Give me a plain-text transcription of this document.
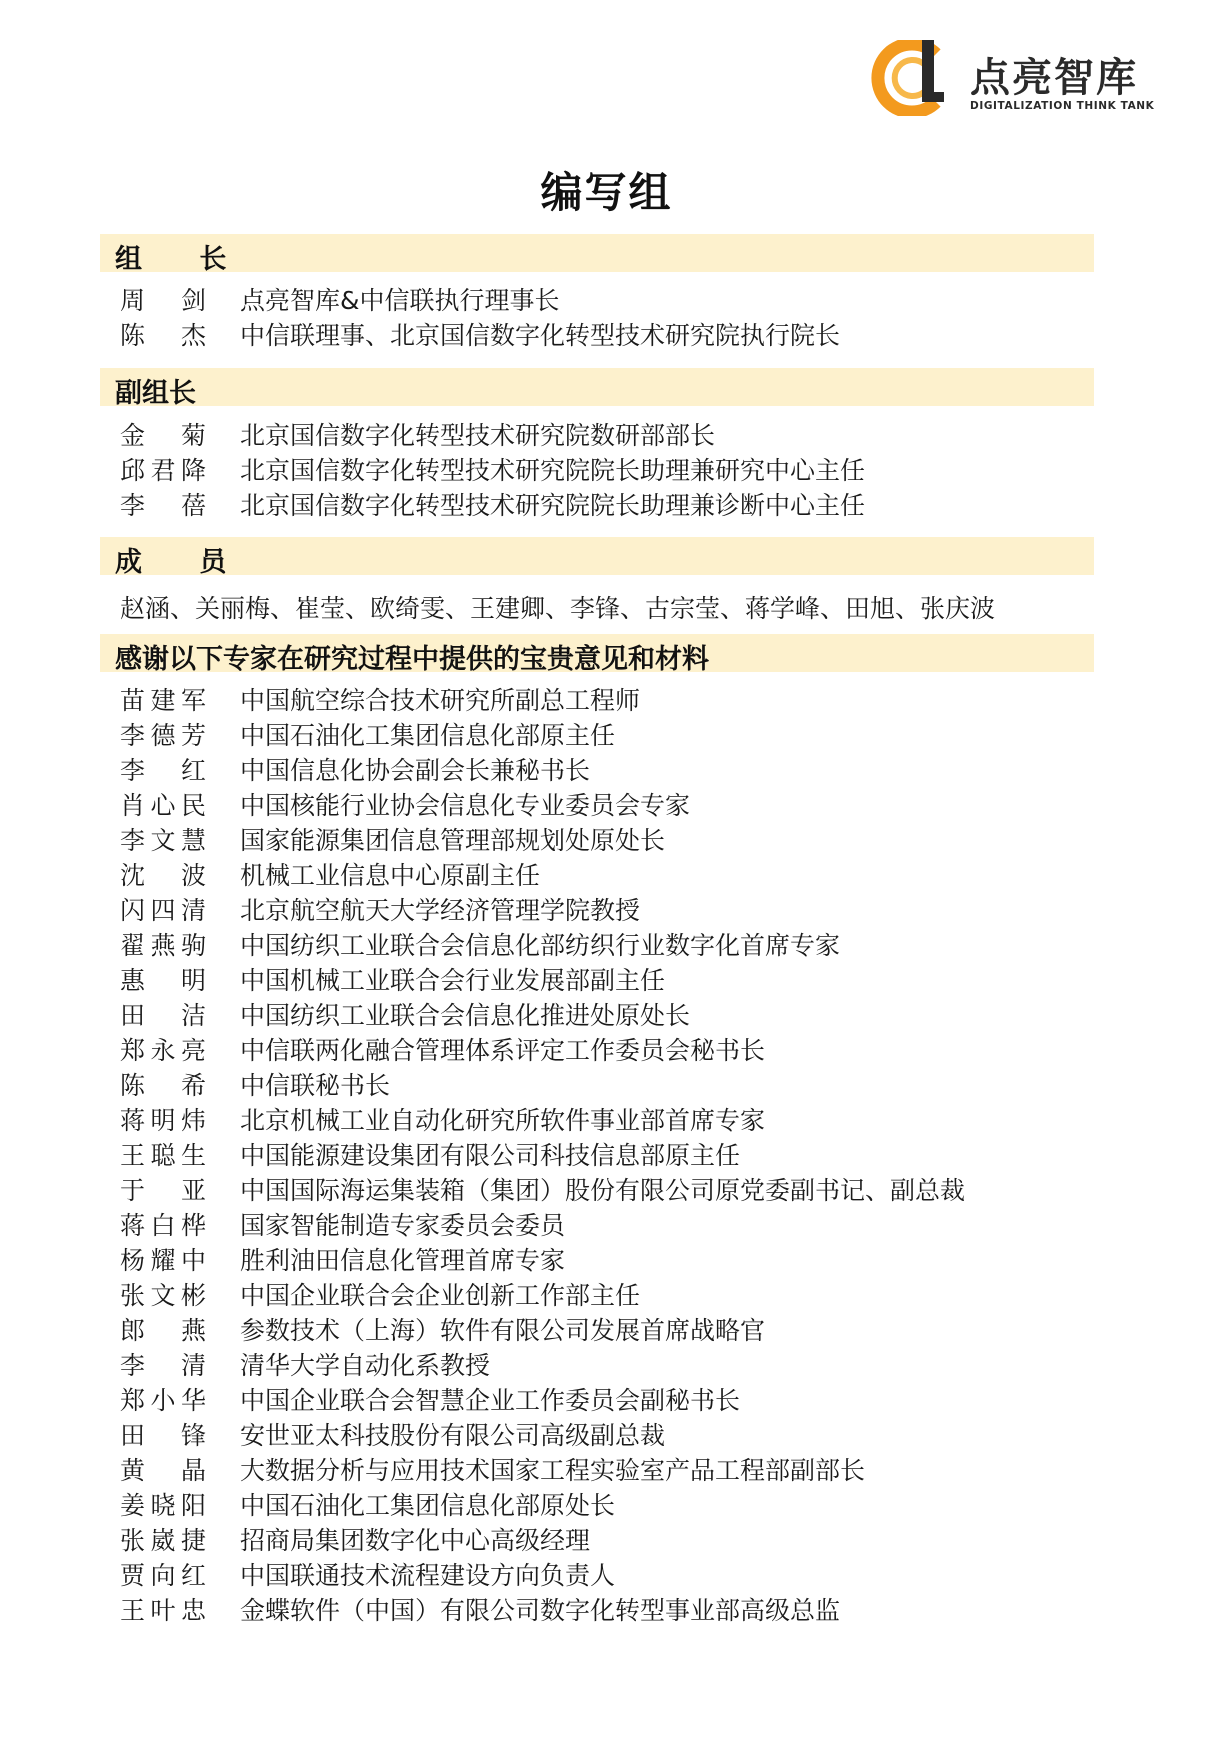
点亮智库
DIGITALIZATION THINK TANK
编写组
组 长
周 剑 点亮智库&中信联执行理事长
陈 杰 中信联理事、北京国信数字化转型技术研究院执行院长
副组长
金 菊 北京国信数字化转型技术研究院数研部部长
邱君降 北京国信数字化转型技术研究院院长助理兼研究中心主任
李 蓓 北京国信数字化转型技术研究院院长助理兼诊断中心主任
成 员
赵涵、关丽梅、崔莹、欧绮雯、王建卿、李锋、古宗莹、蒋学峰、田旭、张庆波
感谢以下专家在研究过程中提供的宝贵意见和材料
苗建军 中国航空综合技术研究所副总工程师
李德芳 中国石油化工集团信息化部原主任
李 红 中国信息化协会副会长兼秘书长
肖心民 中国核能行业协会信息化专业委员会专家
李文慧 国家能源集团信息管理部规划处原处长
沈 波 机械工业信息中心原副主任
闪四清 北京航空航天大学经济管理学院教授
翟燕驹 中国纺织工业联合会信息化部纺织行业数字化首席专家
惠 明 中国机械工业联合会行业发展部副主任
田 洁 中国纺织工业联合会信息化推进处原处长
郑永亮 中信联两化融合管理体系评定工作委员会秘书长
陈 希 中信联秘书长
蒋明炜 北京机械工业自动化研究所软件事业部首席专家
王聪生 中国能源建设集团有限公司科技信息部原主任
于 亚 中国国际海运集装箱（集团）股份有限公司原党委副书记、副总裁
蒋白桦 国家智能制造专家委员会委员
杨耀中 胜利油田信息化管理首席专家
张文彬 中国企业联合会企业创新工作部主任
郎 燕 参数技术（上海）软件有限公司发展首席战略官
李 清 清华大学自动化系教授
郑小华 中国企业联合会智慧企业工作委员会副秘书长
田 锋 安世亚太科技股份有限公司高级副总裁
黄 晶 大数据分析与应用技术国家工程实验室产品工程部副部长
姜晓阳 中国石油化工集团信息化部原处长
张崴捷 招商局集团数字化中心高级经理
贾向红 中国联通技术流程建设方向负责人
王叶忠 金蝶软件（中国）有限公司数字化转型事业部高级总监
